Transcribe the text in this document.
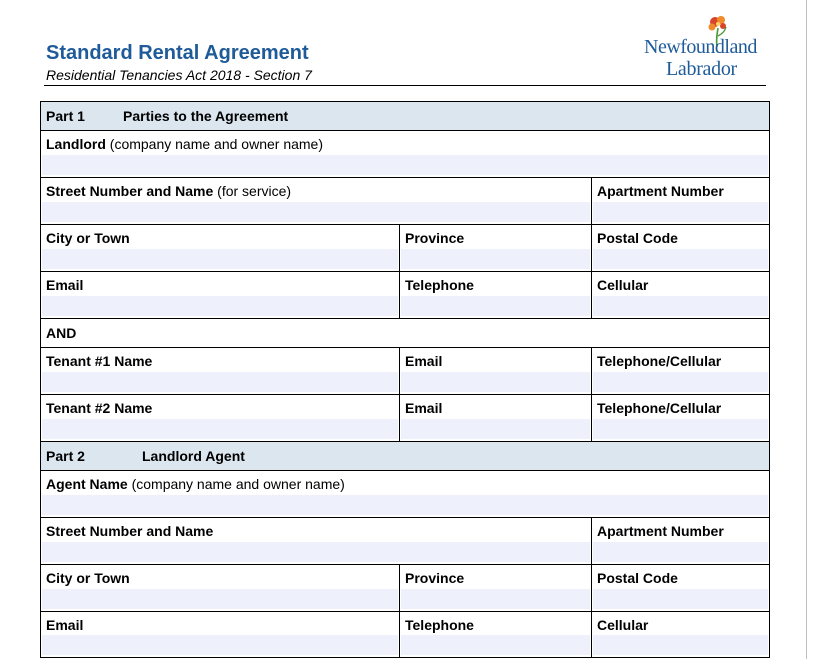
Standard Rental Agreement
Residential Tenancies Act 2018 - Section 7
Newfoundland
Labrador
Part 1	Parties to the Agreement
Landlord (company name and owner name)
Street Number and Name (for service)	Apartment Number
City or Town	Province	Postal Code
Email	Telephone	Cellular
AND
Tenant #1 Name	Email	Telephone/Cellular
Tenant #2 Name	Email	Telephone/Cellular
Part 2	Landlord Agent
Agent Name (company name and owner name)
Street Number and Name	Apartment Number
City or Town	Province	Postal Code
Email	Telephone	Cellular
